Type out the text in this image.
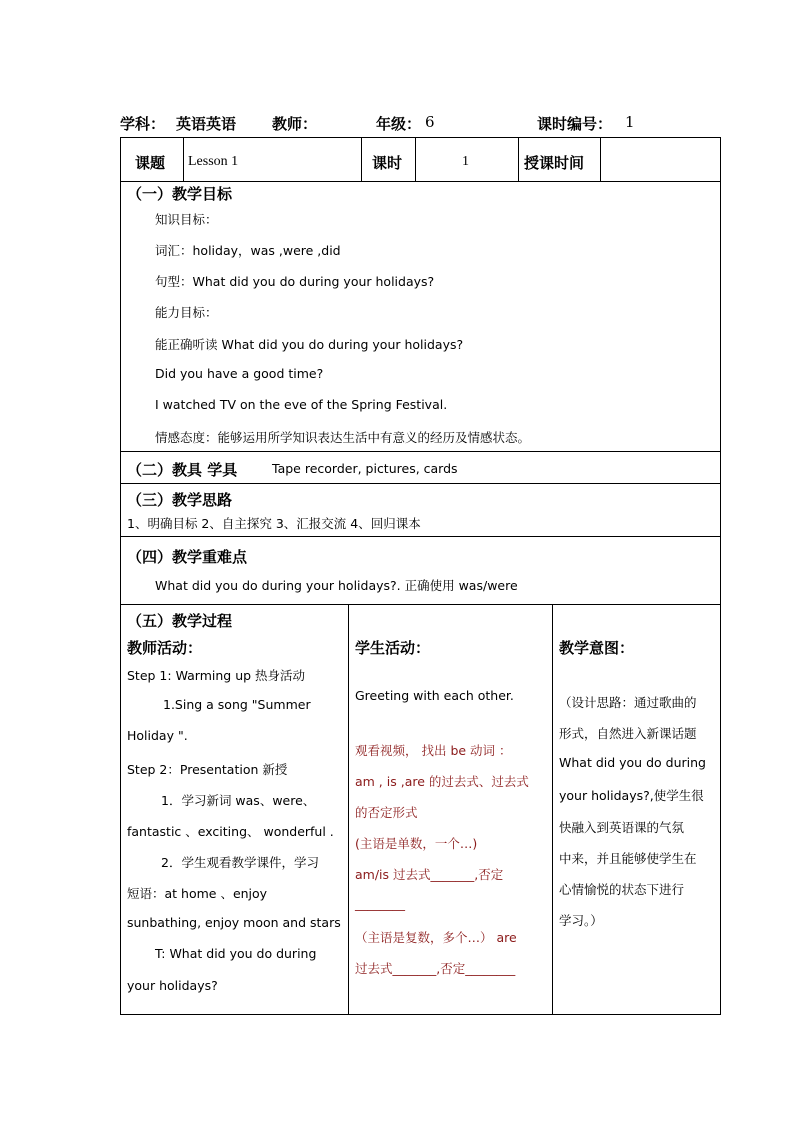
学科： 英语英语 教师：	年级： 6	课时编号： 1
课题 Lesson 1	课时	1	授课时间
（一）教学目标
知识目标：
词汇：holiday，was ,were ,did
句型：What did you do during your holidays?
能力目标：
能正确听读 What did you do during your holidays?
Did you have a good time?
I watched TV on the eve of the Spring Festival.
情感态度：能够运用所学知识表达生活中有意义的经历及情感状态。
（二）教具 学具	Tape recorder, pictures, cards
（三）教学思路
1、明确目标 2、自主探究 3、汇报交流 4、回归课本
（四）教学重难点
What did you do during your holidays?. 正确使用 was/were
（五）教学过程
教师活动：
Step 1: Warming up 热身活动
1.Sing a song "Summer
Holiday ".
Step 2：Presentation 新授
1．学习新词 was、were、
fantastic 、exciting、 wonderful .
2．学生观看教学课件，学习
短语：at home 、enjoy
sunbathing, enjoy moon and stars
T: What did you do during
your holidays?
学生活动：
Greeting with each other.
观看视频， 找出 be 动词 ：
am , is ,are 的过去式、过去式
的否定形式
(主语是单数，一个…)
am/is 过去式_______,否定
________
（主语是复数，多个…） are
过去式_______,否定________
教学意图：
（设计思路：通过歌曲的
形式，自然进入新课话题
What did you do during
your holidays?,使学生很
快融入到英语课的气氛
中来，并且能够使学生在
心情愉悦的状态下进行
学习。）
